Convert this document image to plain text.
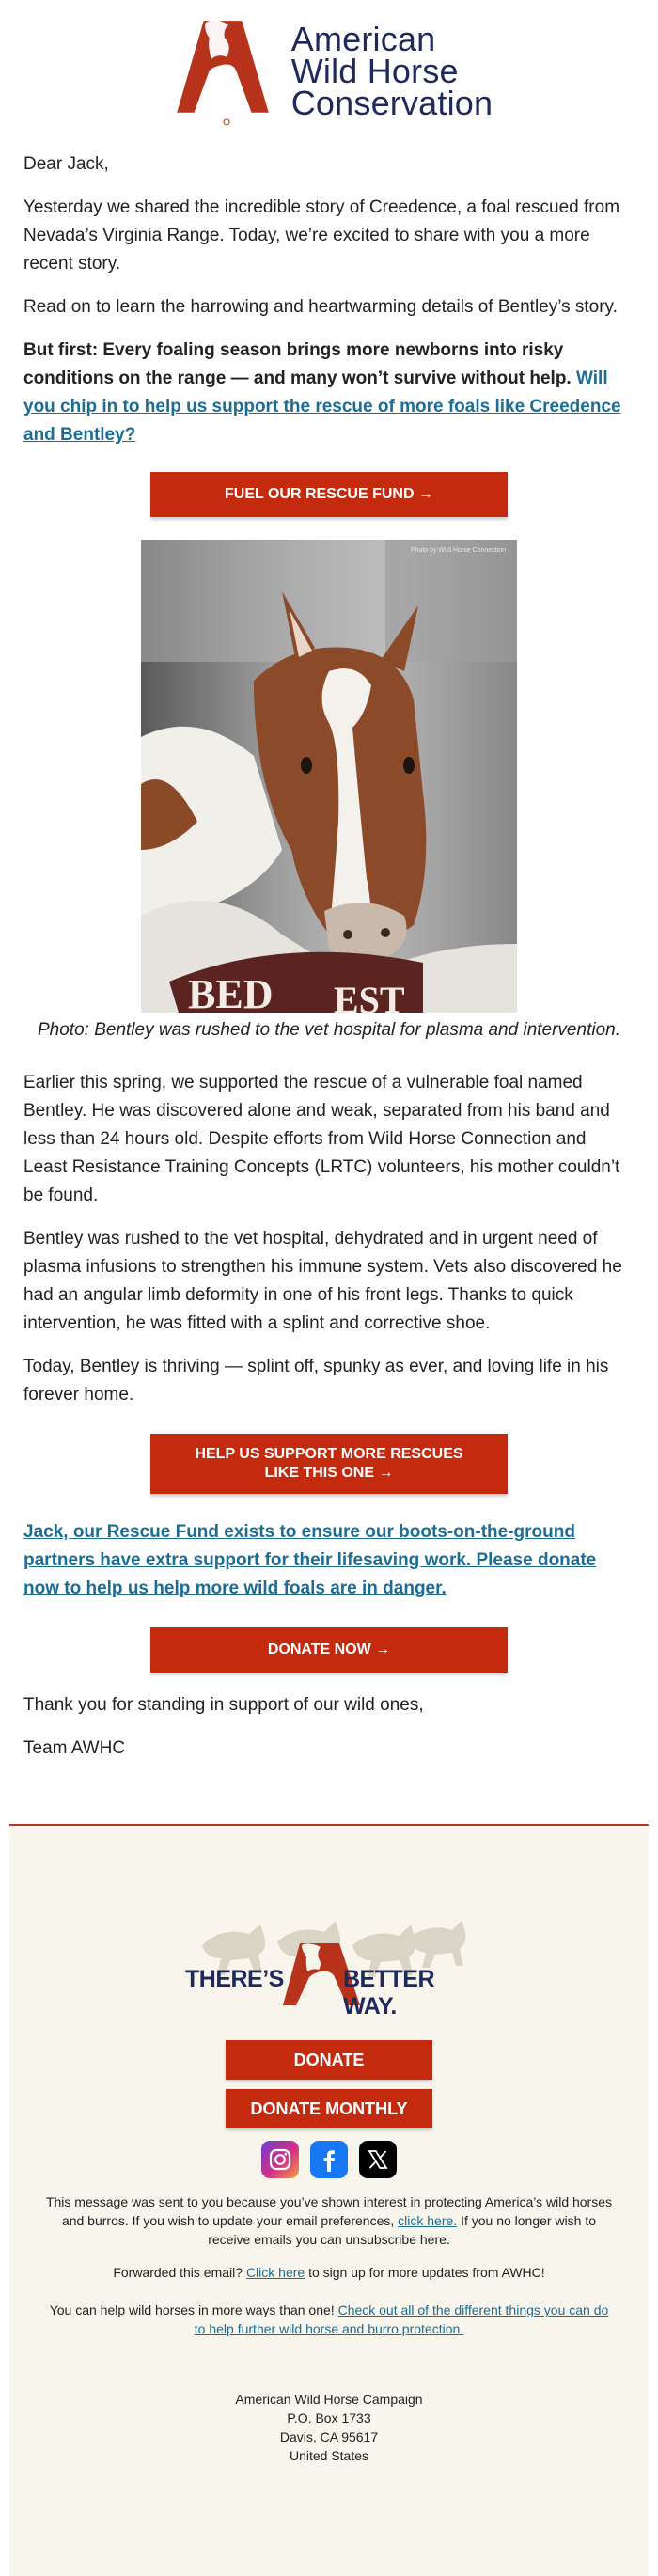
American
Wild Horse
Conservation

Dear Jack,

Yesterday we shared the incredible story of Creedence, a foal rescued from Nevada’s Virginia Range. Today, we’re excited to share with you a more recent story.

Read on to learn the harrowing and heartwarming details of Bentley’s story.

But first: Every foaling season brings more newborns into risky conditions on the range — and many won’t survive without help. Will you chip in to help us support the rescue of more foals like Creedence and Bentley?

FUEL OUR RESCUE FUND →
BED EST
Photo by Wild Horse Connection

Photo: Bentley was rushed to the vet hospital for plasma and intervention.

Earlier this spring, we supported the rescue of a vulnerable foal named Bentley. He was discovered alone and weak, separated from his band and less than 24 hours old. Despite efforts from Wild Horse Connection and Least Resistance Training Concepts (LRTC) volunteers, his mother couldn’t be found.

Bentley was rushed to the vet hospital, dehydrated and in urgent need of plasma infusions to strengthen his immune system. Vets also discovered he had an angular limb deformity in one of his front legs. Thanks to quick intervention, he was fitted with a splint and corrective shoe.

Today, Bentley is thriving — splint off, spunky as ever, and loving life in his forever home.

HELP US SUPPORT MORE RESCUES
LIKE THIS ONE →

Jack, our Rescue Fund exists to ensure our boots-on-the-ground partners have extra support for their lifesaving work. Please donate now to help us help more wild foals are in danger.

DONATE NOW →

Thank you for standing in support of our wild ones,

Team AWHC

THERE’S	BETTER WAY.
DONATE
DONATE MONTHLY

This message was sent to you because you’ve shown interest in protecting America’s wild horses and burros. If you wish to update your email preferences, click here. If you no longer wish to receive emails you can unsubscribe here.

Forwarded this email? Click here to sign up for more updates from AWHC!

You can help wild horses in more ways than one! Check out all of the different things you can do to help further wild horse and burro protection.

American Wild Horse Campaign
P.O. Box 1733
Davis, CA 95617
United States
